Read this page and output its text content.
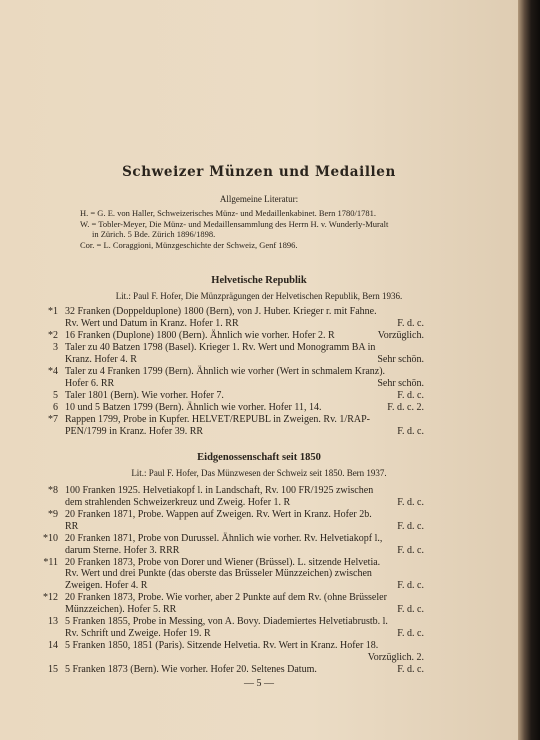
Schweizer Münzen und Medaillen
Allgemeine Literatur:
H. = G. E. von Haller, Schweizerisches Münz- und Medaillenkabinet. Bern 1780/1781.
W. = Tobler-Meyer, Die Münz- und Medaillensammlung des Herrn H. v. Wunderly-Muralt
in Zürich. 5 Bde. Zürich 1896/1898.
Cor. = L. Coraggioni, Münzgeschichte der Schweiz, Genf 1896.
Helvetische Republik
Lit.: Paul F. Hofer, Die Münzprägungen der Helvetischen Republik, Bern 1936.
*1 32 Franken (Doppelduplone) 1800 (Bern), von J. Huber. Krieger r. mit Fahne.
Rv. Wert und Datum in Kranz. Hofer 1. RR	F. d. c.
*2 16 Franken (Duplone) 1800 (Bern). Ähnlich wie vorher. Hofer 2. R	Vorzüglich.
3 Taler zu 40 Batzen 1798 (Basel). Krieger 1. Rv. Wert und Monogramm BA in
Kranz. Hofer 4. R	Sehr schön.
*4 Taler zu 4 Franken 1799 (Bern). Ähnlich wie vorher (Wert in schmalem Kranz).
Hofer 6. RR	Sehr schön.
5 Taler 1801 (Bern). Wie vorher. Hofer 7.	F. d. c.
6 10 und 5 Batzen 1799 (Bern). Ähnlich wie vorher. Hofer 11, 14.	F. d. c. 2.
*7 Rappen 1799, Probe in Kupfer. HELVET/REPUBL in Zweigen. Rv. 1/RAP-
PEN/1799 in Kranz. Hofer 39. RR	F. d. c.
Eidgenossenschaft seit 1850
Lit.: Paul F. Hofer, Das Münzwesen der Schweiz seit 1850. Bern 1937.
*8 100 Franken 1925. Helvetiakopf l. in Landschaft, Rv. 100 FR/1925 zwischen
dem strahlenden Schweizerkreuz und Zweig. Hofer 1. R	F. d. c.
*9 20 Franken 1871, Probe. Wappen auf Zweigen. Rv. Wert in Kranz. Hofer 2b.
RR	F. d. c.
*10 20 Franken 1871, Probe von Durussel. Ähnlich wie vorher. Rv. Helvetiakopf l.,
darum Sterne. Hofer 3. RRR	F. d. c.
*11 20 Franken 1873, Probe von Dorer und Wiener (Brüssel). L. sitzende Helvetia.
Rv. Wert und drei Punkte (das oberste das Brüsseler Münzzeichen) zwischen
Zweigen. Hofer 4. R	F. d. c.
*12 20 Franken 1873, Probe. Wie vorher, aber 2 Punkte auf dem Rv. (ohne Brüsseler
Münzzeichen). Hofer 5. RR	F. d. c.
13 5 Franken 1855, Probe in Messing, von A. Bovy. Diademiertes Helvetiabrustb. l.
Rv. Schrift und Zweige. Hofer 19. R	F. d. c.
14 5 Franken 1850, 1851 (Paris). Sitzende Helvetia. Rv. Wert in Kranz. Hofer 18.
Vorzüglich. 2.
15 5 Franken 1873 (Bern). Wie vorher. Hofer 20. Seltenes Datum.	F. d. c.
— 5 —
